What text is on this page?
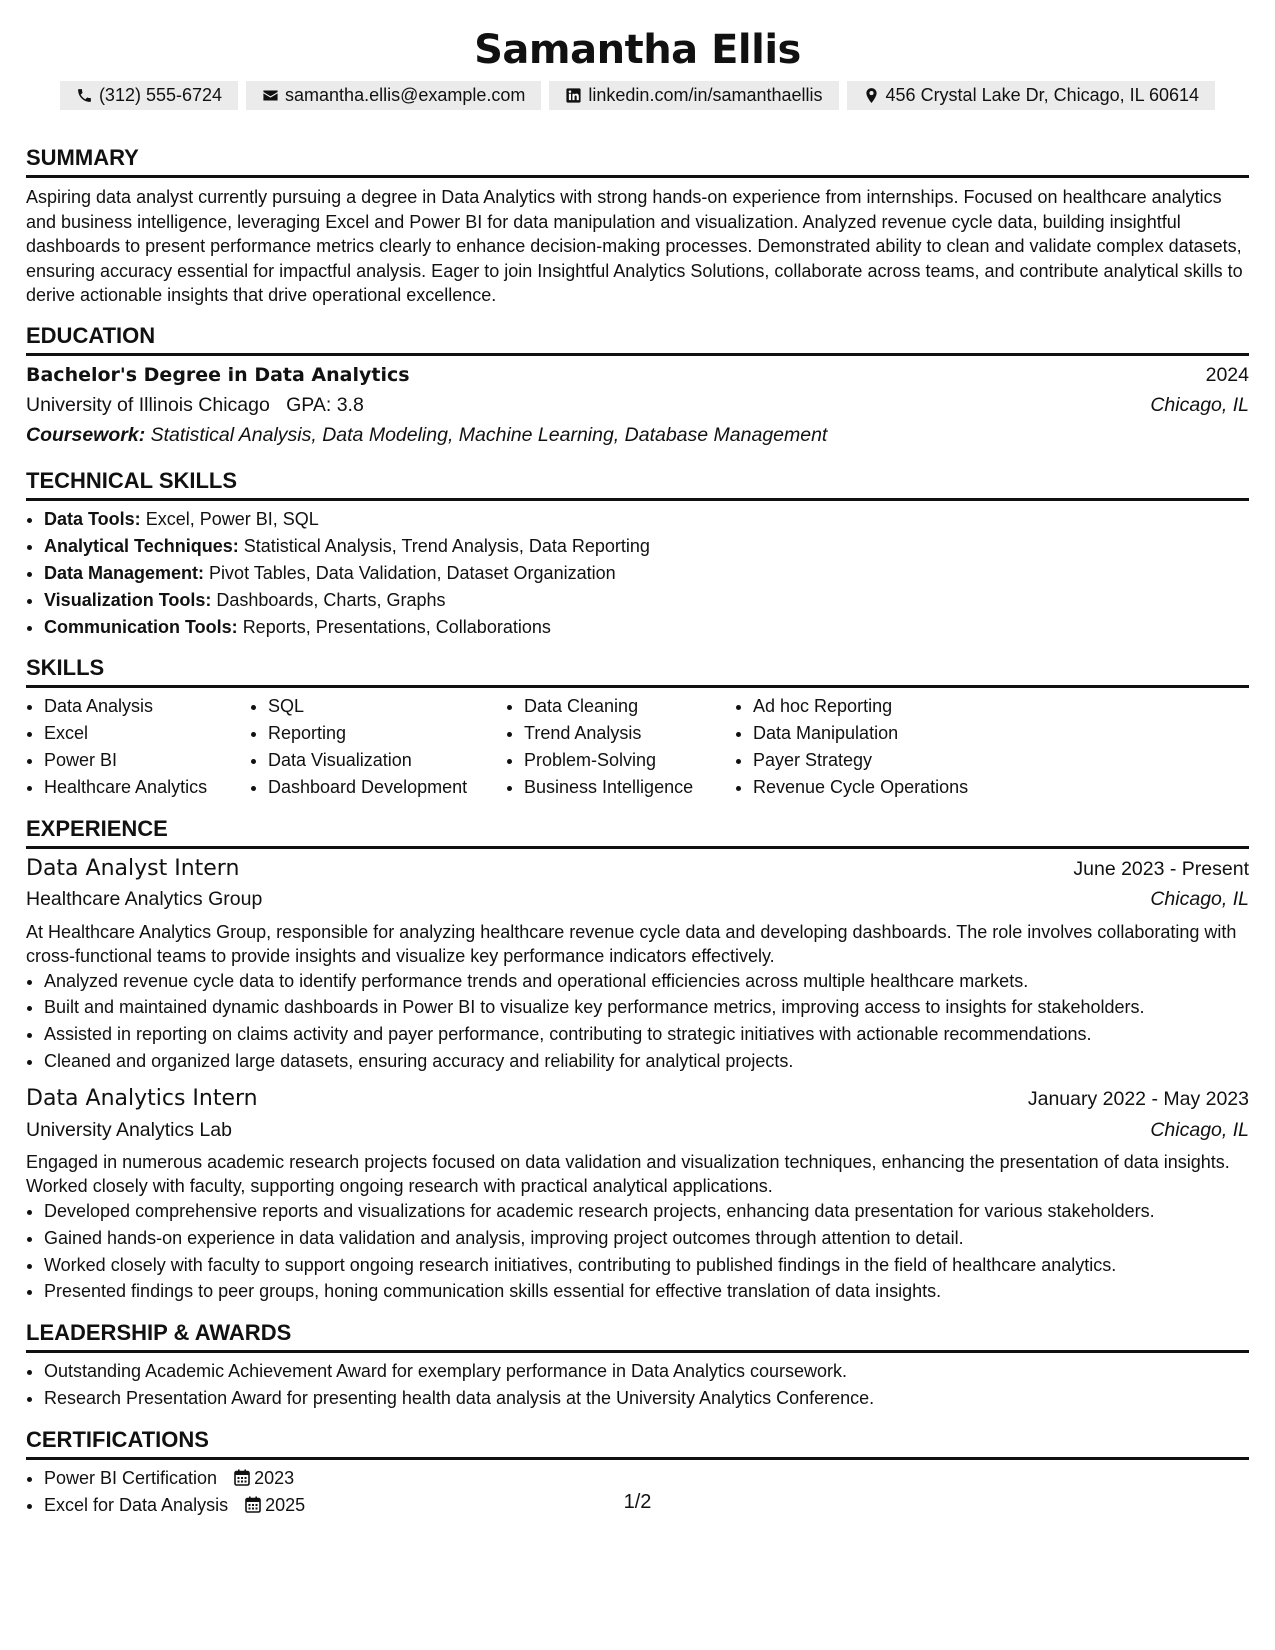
Samantha Ellis
(312) 555-6724	samantha.ellis@example.com	linkedin.com/in/samanthaellis	456 Crystal Lake Dr, Chicago, IL 60614
SUMMARY

Aspiring data analyst currently pursuing a degree in Data Analytics with strong hands-on experience from internships. Focused on healthcare analytics and business intelligence, leveraging Excel and Power BI for data manipulation and visualization. Analyzed revenue cycle data, building insightful dashboards to present performance metrics clearly to enhance decision-making processes. Demonstrated ability to clean and validate complex datasets, ensuring accuracy essential for impactful analysis. Eager to join Insightful Analytics Solutions, collaborate across teams, and contribute analytical skills to derive actionable insights that drive operational excellence.

EDUCATION
Bachelor's Degree in Data Analytics	2024
University of Illinois Chicago GPA: 3.8	Chicago, IL
Coursework: Statistical Analysis, Data Modeling, Machine Learning, Database Management
TECHNICAL SKILLS
• Data Tools: Excel, Power BI, SQL
• Analytical Techniques: Statistical Analysis, Trend Analysis, Data Reporting
• Data Management: Pivot Tables, Data Validation, Dataset Organization
• Visualization Tools: Dashboards, Charts, Graphs
• Communication Tools: Reports, Presentations, Collaborations
SKILLS
• Data Analysis
• Excel
• Power BI
• Healthcare Analytics
• SQL
• Reporting
• Data Visualization
• Dashboard Development
• Data Cleaning
• Trend Analysis
• Problem-Solving
• Business Intelligence
• Ad hoc Reporting
• Data Manipulation
• Payer Strategy
• Revenue Cycle Operations
EXPERIENCE
Data Analyst Intern	June 2023 - Present
Healthcare Analytics Group	Chicago, IL
At Healthcare Analytics Group, responsible for analyzing healthcare revenue cycle data and developing dashboards. The role involves collaborating with cross-functional teams to provide insights and visualize key performance indicators effectively.
• Analyzed revenue cycle data to identify performance trends and operational efficiencies across multiple healthcare markets.
• Built and maintained dynamic dashboards in Power BI to visualize key performance metrics, improving access to insights for stakeholders.
• Assisted in reporting on claims activity and payer performance, contributing to strategic initiatives with actionable recommendations.
• Cleaned and organized large datasets, ensuring accuracy and reliability for analytical projects.
Data Analytics Intern	January 2022 - May 2023
University Analytics Lab	Chicago, IL
Engaged in numerous academic research projects focused on data validation and visualization techniques, enhancing the presentation of data insights. Worked closely with faculty, supporting ongoing research with practical analytical applications.
• Developed comprehensive reports and visualizations for academic research projects, enhancing data presentation for various stakeholders.
• Gained hands-on experience in data validation and analysis, improving project outcomes through attention to detail.
• Worked closely with faculty to support ongoing research initiatives, contributing to published findings in the field of healthcare analytics.
• Presented findings to peer groups, honing communication skills essential for effective translation of data insights.
LEADERSHIP & AWARDS
• Outstanding Academic Achievement Award for exemplary performance in Data Analytics coursework.
• Research Presentation Award for presenting health data analysis at the University Analytics Conference.
CERTIFICATIONS
• Power BI Certification 2023
• Excel for Data Analysis 2025	1/2
